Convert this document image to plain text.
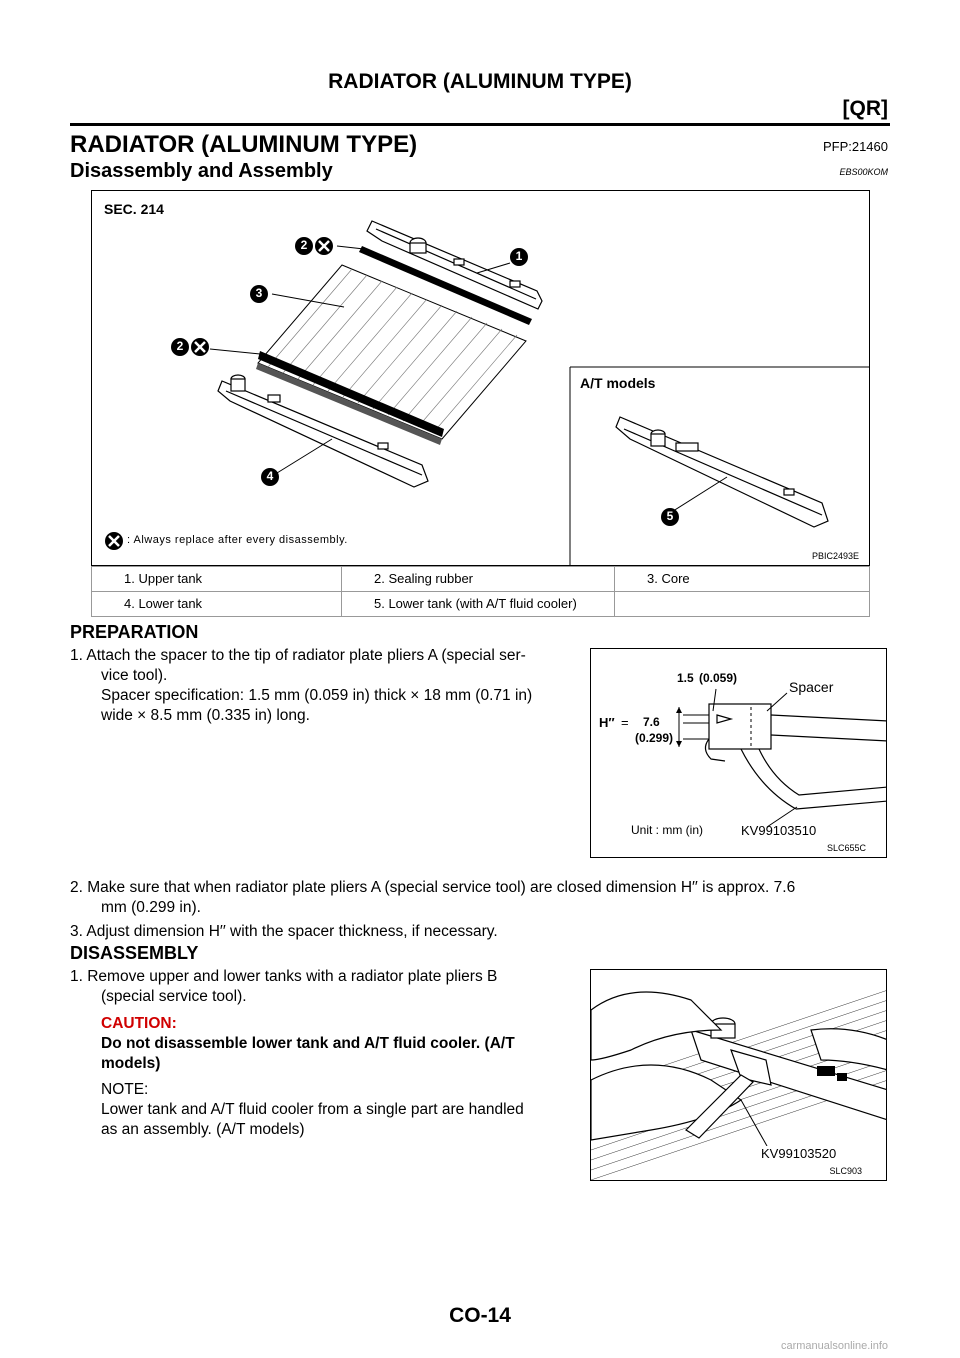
RADIATOR (ALUMINUM TYPE)
[QR]
RADIATOR (ALUMINUM TYPE)	PFP:21460
Disassembly and Assembly	EBS00KOM
SEC. 214
2
1
3
2
4
5
A/T models
: Always replace after every disassembly.
PBIC2493E
1. Upper tank	2. Sealing rubber	3. Core
4. Lower tank	5. Lower tank (with A/T fluid cooler)	
PREPARATION
1. Attach the spacer to the tip of radiator plate pliers A (special ser-
vice tool).
Spacer specification: 1.5 mm (0.059 in) thick × 18 mm (0.71 in)
wide × 8.5 mm (0.335 in) long.
2. Make sure that when radiator plate pliers A (special service tool) are closed dimension H′′ is approx. 7.6
mm (0.299 in).
3. Adjust dimension H′′ with the spacer thickness, if necessary.
1.5 (0.059)
Spacer
H′′ = 7.6
(0.299)
KV99103510
Unit : mm (in)
SLC655C
DISASSEMBLY
1. Remove upper and lower tanks with a radiator plate pliers B
(special service tool).
CAUTION:
Do not disassemble lower tank and A/T fluid cooler. (A/T
models)
NOTE:
Lower tank and A/T fluid cooler from a single part are handled
as an assembly. (A/T models)
KV99103520
SLC903
CO-14
carmanualsonline.info
